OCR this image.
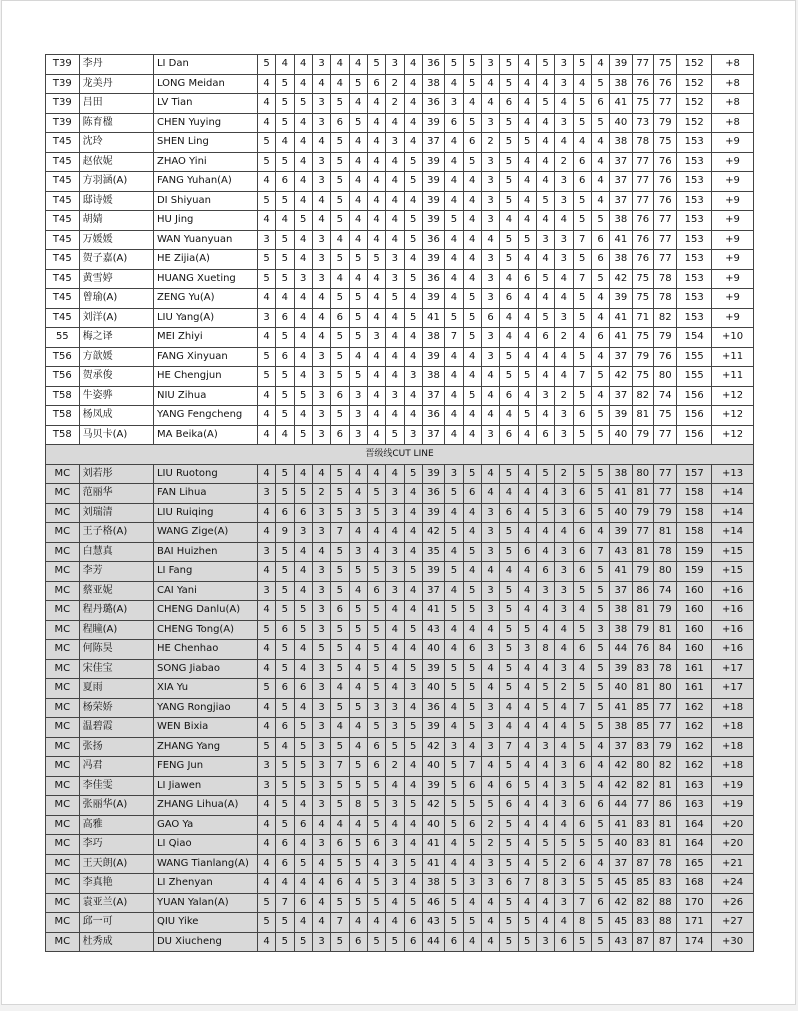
T39	李丹	LI Dan	5	4	4	3	4	4	5	3	4	36	5	5	3	5	4	5	3	5	4	39	77	75	152	+8
T39	龙美丹	LONG Meidan	4	5	4	4	4	5	6	2	4	38	4	5	4	5	4	4	3	4	5	38	76	76	152	+8
T39	吕田	LV Tian	4	5	5	3	5	4	4	2	4	36	3	4	4	6	4	5	4	5	6	41	75	77	152	+8
T39	陈育楹	CHEN Yuying	4	5	4	3	6	5	4	4	4	39	6	5	3	5	4	4	3	5	5	40	73	79	152	+8
T45	沈玲	SHEN Ling	5	4	4	4	5	4	4	3	4	37	4	6	2	5	5	4	4	4	4	38	78	75	153	+9
T45	赵依妮	ZHAO Yini	5	5	4	3	5	4	4	4	5	39	4	5	3	5	4	4	2	6	4	37	77	76	153	+9
T45	方羽涵(A)	FANG Yuhan(A)	4	6	4	3	5	4	4	4	5	39	4	4	3	5	4	4	3	6	4	37	77	76	153	+9
T45	邸诗媛	DI Shiyuan	5	5	4	4	5	4	4	4	4	39	4	4	3	5	4	5	3	5	4	37	77	76	153	+9
T45	胡婧	HU Jing	4	4	5	4	5	4	4	4	5	39	5	4	3	4	4	4	4	5	5	38	76	77	153	+9
T45	万媛媛	WAN Yuanyuan	3	5	4	3	4	4	4	4	5	36	4	4	4	5	5	3	3	7	6	41	76	77	153	+9
T45	贺子嘉(A)	HE Zijia(A)	5	5	4	3	5	5	5	3	4	39	4	4	3	5	4	4	3	5	6	38	76	77	153	+9
T45	黄雪婷	HUANG Xueting	5	5	3	3	4	4	4	3	5	36	4	4	3	4	6	5	4	7	5	42	75	78	153	+9
T45	曾瑜(A)	ZENG Yu(A)	4	4	4	4	5	5	4	5	4	39	4	5	3	6	4	4	4	5	4	39	75	78	153	+9
T45	刘洋(A)	LIU Yang(A)	3	6	4	4	6	5	4	4	5	41	5	5	6	4	4	5	3	5	4	41	71	82	153	+9
55	梅之译	MEI Zhiyi	4	5	4	4	5	5	3	4	4	38	7	5	3	4	4	6	2	4	6	41	75	79	154	+10
T56	方歆媛	FANG Xinyuan	5	6	4	3	5	4	4	4	4	39	4	4	3	5	4	4	4	5	4	37	79	76	155	+11
T56	贺承俊	HE Chengjun	5	5	4	3	5	5	4	4	3	38	4	4	4	5	5	4	4	7	5	42	75	80	155	+11
T58	牛姿骅	NIU Zihua	4	5	5	3	6	3	4	3	4	37	4	5	4	6	4	3	2	5	4	37	82	74	156	+12
T58	杨凤成	YANG Fengcheng	4	5	4	3	5	3	4	4	4	36	4	4	4	4	5	4	3	6	5	39	81	75	156	+12
T58	马贝卡(A)	MA Beika(A)	4	4	5	3	6	3	4	5	3	37	4	4	3	6	4	6	3	5	5	40	79	77	156	+12
晋级线CUT LINE																										
MC	刘若彤	LIU Ruotong	4	5	4	4	5	4	4	4	5	39	3	5	4	5	4	5	2	5	5	38	80	77	157	+13
MC	范丽华	FAN Lihua	3	5	5	2	5	4	5	3	4	36	5	6	4	4	4	4	3	6	5	41	81	77	158	+14
MC	刘瑞清	LIU Ruiqing	4	6	6	3	5	3	5	3	4	39	4	4	3	6	4	5	3	6	5	40	79	79	158	+14
MC	王子格(A)	WANG Zige(A)	4	9	3	3	7	4	4	4	4	42	5	4	3	5	4	4	4	6	4	39	77	81	158	+14
MC	白慧真	BAI Huizhen	3	5	4	4	5	3	4	3	4	35	4	5	3	5	6	4	3	6	7	43	81	78	159	+15
MC	李芳	LI Fang	4	5	4	3	5	5	5	3	5	39	5	4	4	4	4	6	3	6	5	41	79	80	159	+15
MC	蔡亚妮	CAI Yani	3	5	4	3	5	4	6	3	4	37	4	5	3	5	4	3	3	5	5	37	86	74	160	+16
MC	程丹璐(A)	CHENG Danlu(A)	4	5	5	3	6	5	5	4	4	41	5	5	3	5	4	4	3	4	5	38	81	79	160	+16
MC	程瞳(A)	CHENG Tong(A)	5	6	5	3	5	5	5	4	5	43	4	4	4	5	5	4	4	5	3	38	79	81	160	+16
MC	何陈昊	HE Chenhao	4	5	4	5	5	4	5	4	4	40	4	6	3	5	3	8	4	6	5	44	76	84	160	+16
MC	宋佳宝	SONG Jiabao	4	5	4	3	5	4	5	4	5	39	5	5	4	5	4	4	3	4	5	39	83	78	161	+17
MC	夏雨	XIA Yu	5	6	6	3	4	4	5	4	3	40	5	5	4	5	4	5	2	5	5	40	81	80	161	+17
MC	杨荣娇	YANG Rongjiao	4	5	4	3	5	5	3	3	4	36	4	5	3	4	4	5	4	7	5	41	85	77	162	+18
MC	温碧霞	WEN Bixia	4	6	5	3	4	4	5	3	5	39	4	5	3	4	4	4	4	5	5	38	85	77	162	+18
MC	张扬	ZHANG Yang	5	4	5	3	5	4	6	5	5	42	3	4	3	7	4	3	4	5	4	37	83	79	162	+18
MC	冯君	FENG Jun	3	5	5	3	7	5	6	2	4	40	5	7	4	5	4	4	3	6	4	42	80	82	162	+18
MC	李佳雯	LI Jiawen	3	5	5	3	5	5	5	4	4	39	5	6	4	6	5	4	3	5	4	42	82	81	163	+19
MC	张丽华(A)	ZHANG Lihua(A)	4	5	4	3	5	8	5	3	5	42	5	5	5	6	4	4	3	6	6	44	77	86	163	+19
MC	高雅	GAO Ya	4	5	6	4	4	4	5	4	4	40	5	6	2	5	4	4	4	6	5	41	83	81	164	+20
MC	李巧	LI Qiao	4	6	4	3	6	5	6	3	4	41	4	5	2	5	4	5	5	5	5	40	83	81	164	+20
MC	王天朗(A)	WANG Tianlang(A)	4	6	5	4	5	5	4	3	5	41	4	4	3	5	4	5	2	6	4	37	87	78	165	+21
MC	李真艳	LI Zhenyan	4	4	4	4	6	4	5	3	4	38	5	3	3	6	7	8	3	5	5	45	85	83	168	+24
MC	袁亚兰(A)	YUAN Yalan(A)	5	7	6	4	5	5	5	4	5	46	5	4	4	5	4	4	3	7	6	42	82	88	170	+26
MC	邱一可	QIU Yike	5	5	4	4	7	4	4	4	6	43	5	5	4	5	5	4	4	8	5	45	83	88	171	+27
MC	杜秀成	DU Xiucheng	4	5	5	3	5	6	5	5	6	44	6	4	4	5	5	3	6	5	5	43	87	87	174	+30
